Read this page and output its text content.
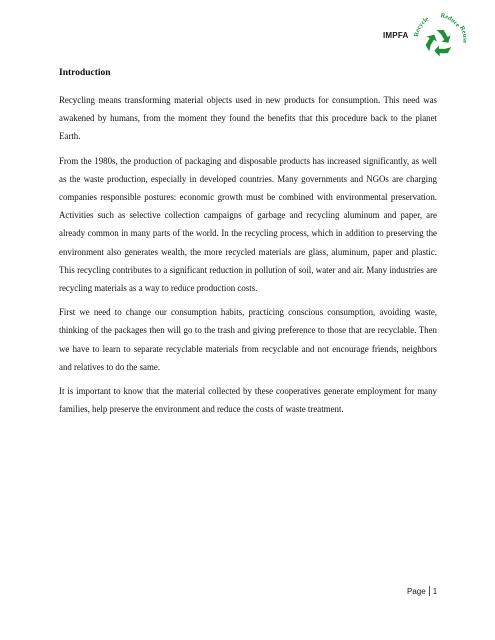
IMPFA Recycle Reduce
Reuse
Introduction

Recycling means transforming material objects used in new products for consumption. This need was awakened by humans, from the moment they found the benefits that this procedure back to the planet Earth.

From the 1980s, the production of packaging and disposable products has increased significantly, as well as the waste production, especially in developed countries. Many governments and NGOs are charging companies responsible postures: economic growth must be combined with environmental preservation. Activities such as selective collection campaigns of garbage and recycling aluminum and paper, are already common in many parts of the world. In the recycling process, which in addition to preserving the environment also generates wealth, the more recycled materials are glass, aluminum, paper and plastic. This recycling contributes to a significant reduction in pollution of soil, water and air. Many industries are recycling materials as a way to reduce production costs.

First we need to change our consumption habits, practicing conscious consumption, avoiding waste, thinking of the packages then will go to the trash and giving preference to those that are recyclable. Then we have to learn to separate recyclable materials from recyclable and not encourage friends, neighbors and relatives to do the same.

It is important to know that the material collected by these cooperatives generate employment for many families, help preserve the environment and reduce the costs of waste treatment.

Page 1
